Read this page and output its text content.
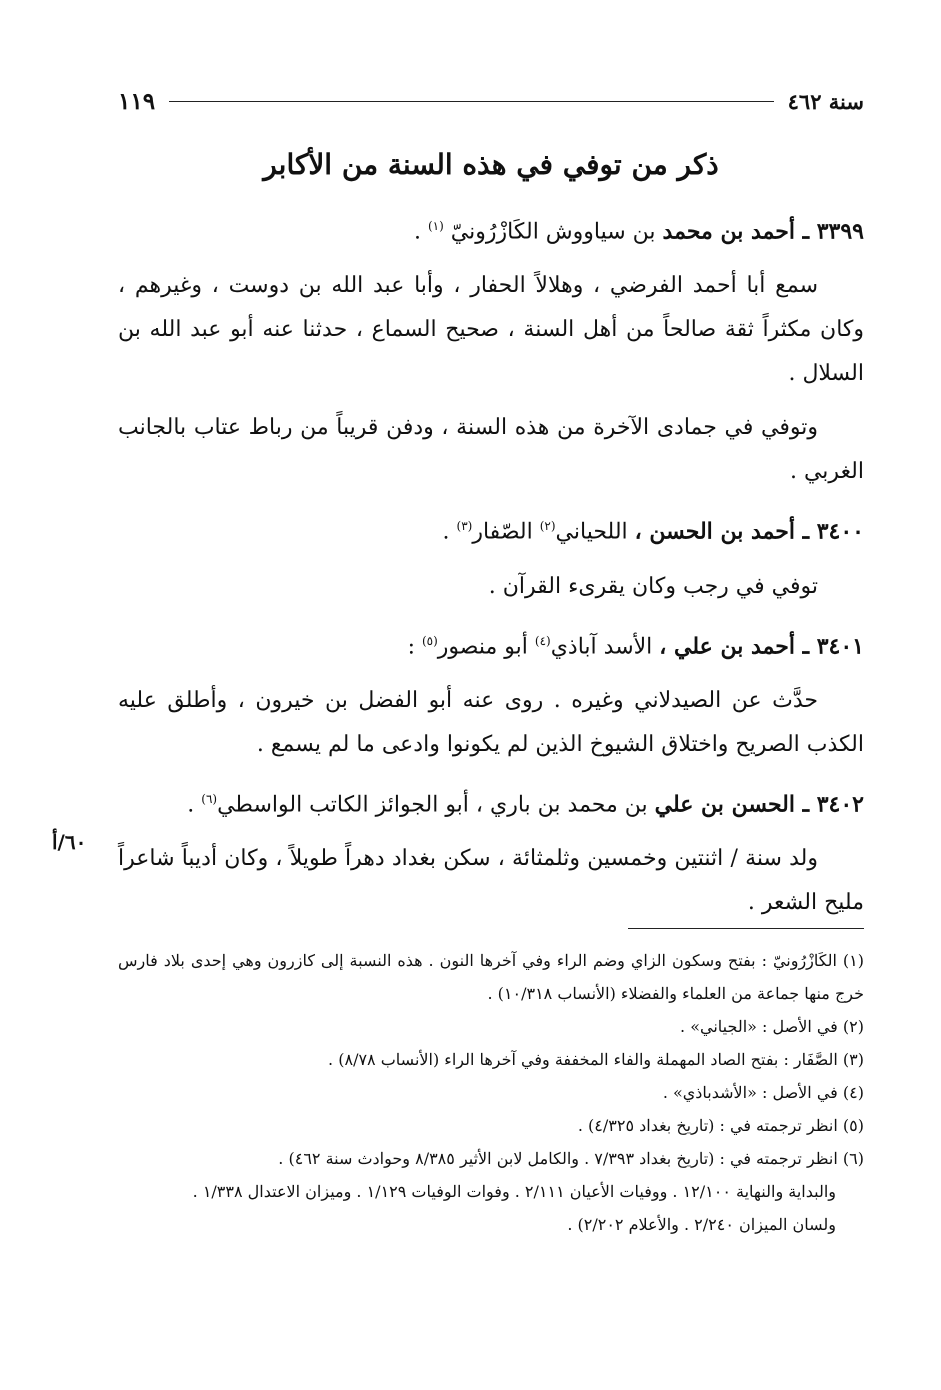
سنة ٤٦٢
١١٩
ذكر من توفي في هذه السنة من الأكابر

٣٣٩٩ ـ أحمد بن محمد بن سياووش الكَازْرُونيّ $^{(١)}$ .

سمع أبا أحمد الفرضي ، وهلالاً الحفار ، وأبا عبد الله بن دوست ، وغيرهم ، وكان مكثراً ثقة صالحاً من أهل السنة ، صحيح السماع ، حدثنا عنه أبو عبد الله بن السلال .

وتوفي في جمادى الآخرة من هذه السنة ، ودفن قريباً من رباط عتاب بالجانب الغربي .

٣٤٠٠ ـ أحمد بن الحسن ، اللحياني$^{(٢)}$ الصّفار$^{(٣)}$ .

توفي في رجب وكان يقرىء القرآن .

٣٤٠١ ـ أحمد بن علي ، الأسد آباذي$^{(٤)}$ أبو منصور$^{(٥)}$ :

حدَّث عن الصيدلاني وغيره . روى عنه أبو الفضل بن خيرون ، وأطلق عليه الكذب الصريح واختلاق الشيوخ الذين لم يكونوا وادعى ما لم يسمع .

٣٤٠٢ ـ الحسن بن علي بن محمد بن باري ، أبو الجوائز الكاتب الواسطي$^{(٦)}$ .

ولد سنة / اثنتين وخمسين وثلمثائة ، سكن بغداد دهراً طويلاً ، وكان أديباً شاعراً مليح الشعر .

٦٠/أ

(١) الكَازْرُونيّ : بفتح وسكون الزاي وضم الراء وفي آخرها النون . هذه النسبة إلى كازرون وهي إحدى بلاد فارس خرج منها جماعة من العلماء والفضلاء (الأنساب ١٠/٣١٨) .

(٢) في الأصل : «الجياني» .

(٣) الصَّفَار : بفتح الصاد المهملة والفاء المخففة وفي آخرها الراء (الأنساب ٨/٧٨) .

(٤) في الأصل : «الأشدباذي» .

(٥) انظر ترجمته في : (تاريخ بغداد ٤/٣٢٥) .

(٦) انظر ترجمته في : (تاريخ بغداد ٧/٣٩٣ . والكامل لابن الأثير ٨/٣٨٥ وحوادث سنة ٤٦٢) .

والبداية والنهاية ١٢/١٠٠ . ووفيات الأعيان ٢/١١١ . وفوات الوفيات ١/١٢٩ . وميزان الاعتدال ١/٣٣٨ .

ولسان الميزان ٢/٢٤٠ . والأعلام ٢/٢٠٢) .
